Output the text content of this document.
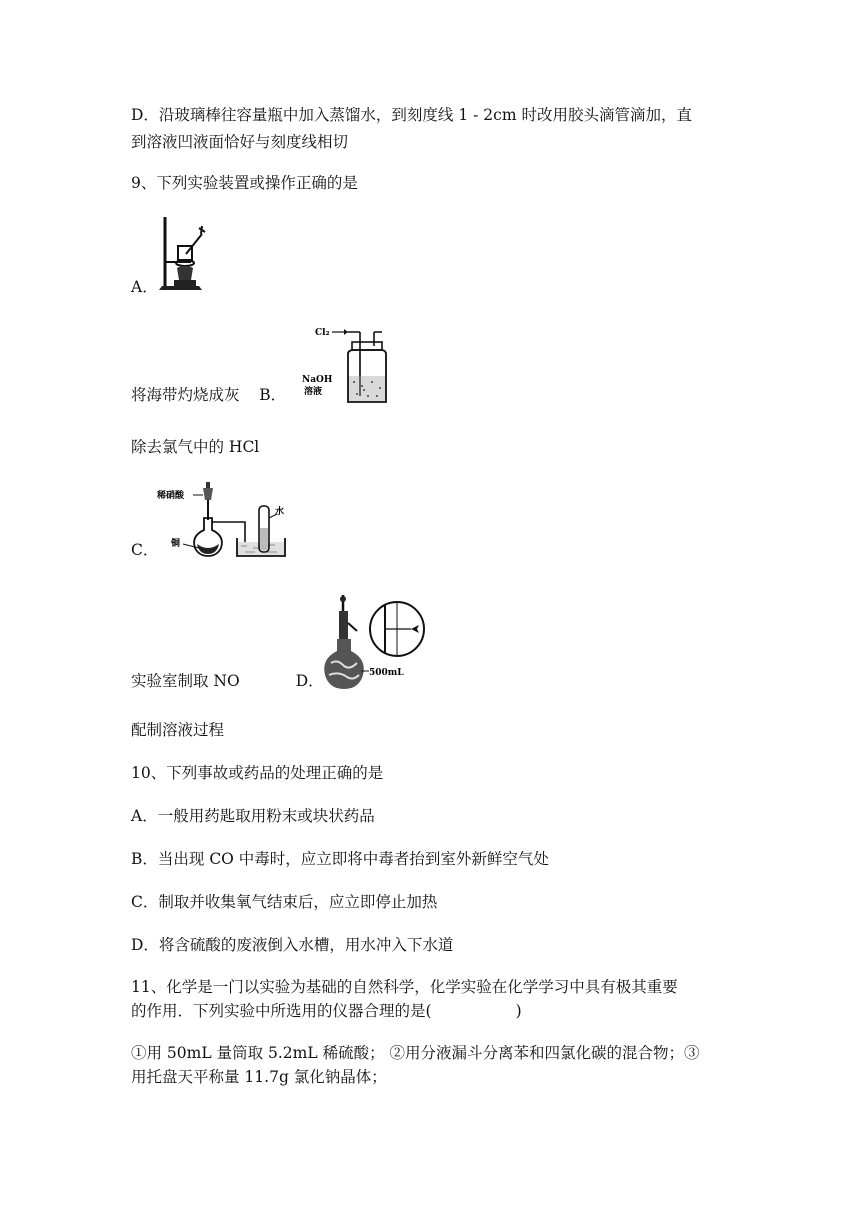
D．沿玻璃棒往容量瓶中加入蒸馏水，到刻度线 1 - 2cm 时改用胶头滴管滴加，直
到溶液凹液面恰好与刻度线相切
9、下列实验装置或操作正确的是
A．
Cl₂
NaOH
溶液
将海带灼烧成灰 B．
除去氯气中的 HCl
稀硝酸
铜
水
C．
500mL
实验室制取 NO	D．
配制溶液过程
10、下列事故或药品的处理正确的是
A．一般用药匙取用粉末或块状药品
B．当出现 CO 中毒时，应立即将中毒者抬到室外新鲜空气处
C．制取并收集氧气结束后，应立即停止加热
D．将含硫酸的废液倒入水槽，用水冲入下水道
11、化学是一门以实验为基础的自然科学，化学实验在化学学习中具有极其重要
的作用．下列实验中所选用的仪器合理的是(	)
①用 50mL 量筒取 5.2mL 稀硫酸； ②用分液漏斗分离苯和四氯化碳的混合物；③
用托盘天平称量 11.7g 氯化钠晶体；
